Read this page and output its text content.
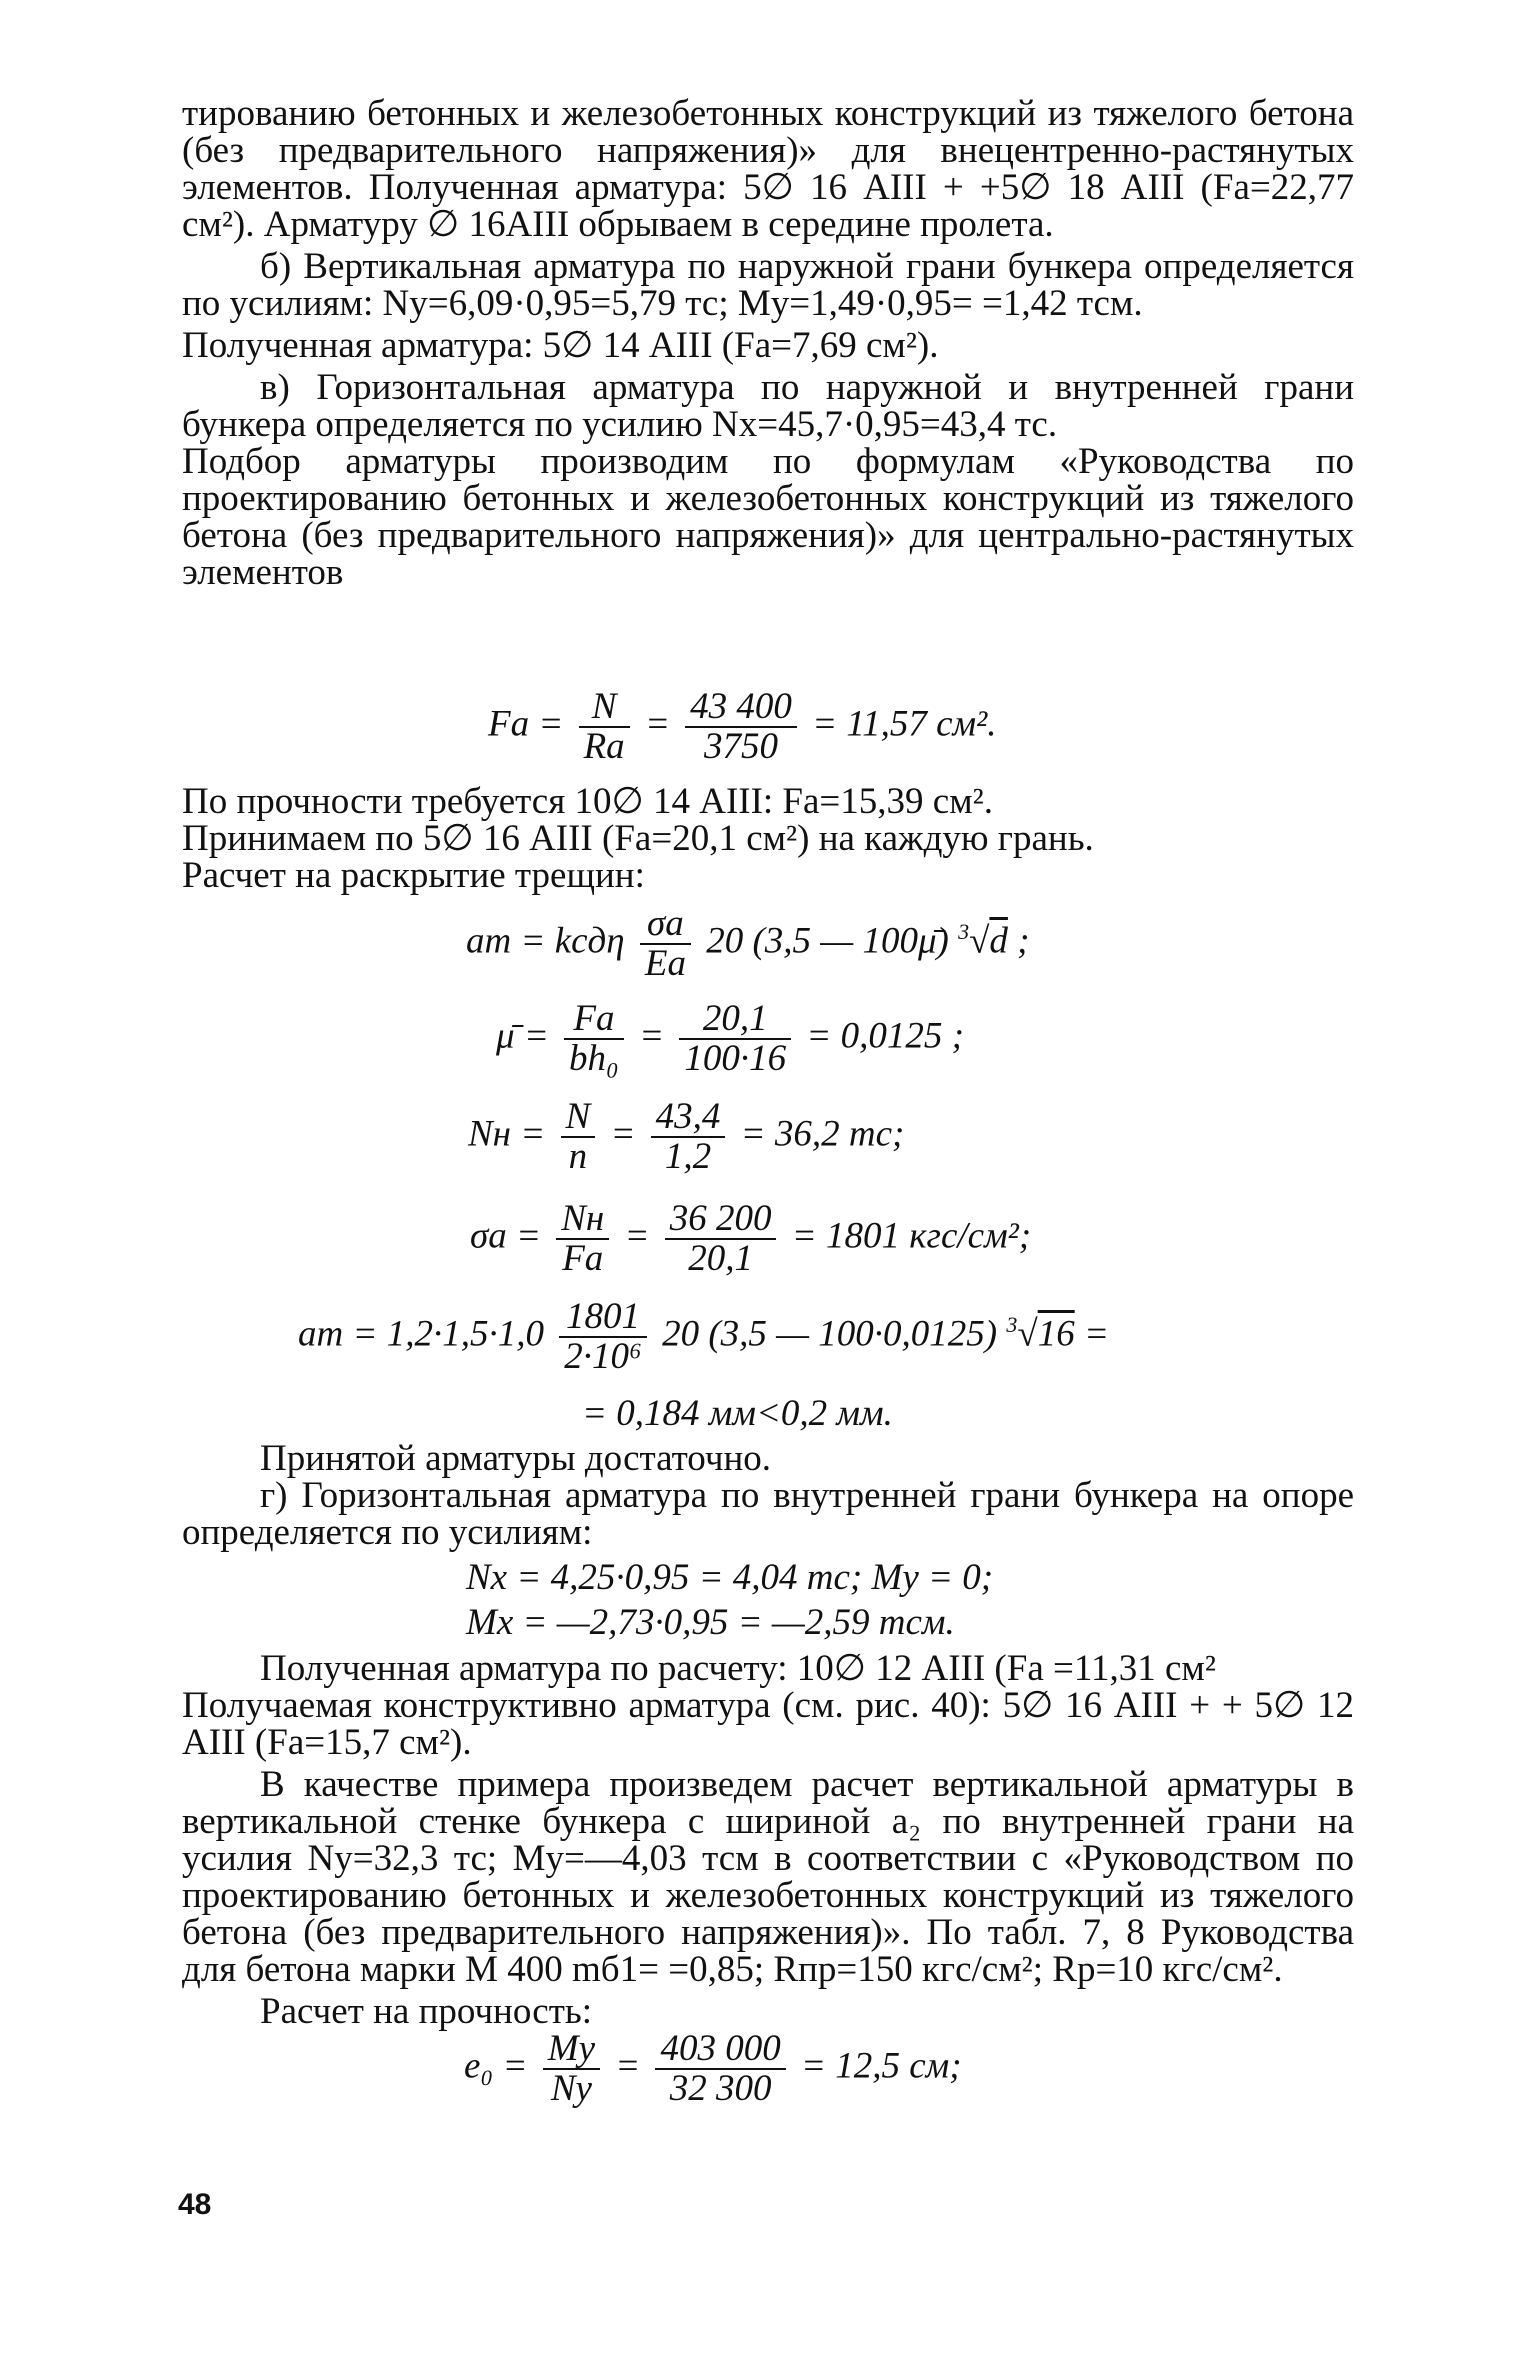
тированию бетонных и железобетонных конструкций из тяжелого бетона (без предварительного напряжения)» для внецентренно-растянутых элементов. Полученная арматура: 5∅ 16 АIII + +5∅ 18 АIII (Fа=22,77 см²). Арматуру ∅ 16АIII обрываем в середине пролета.

б) Вертикальная арматура по наружной грани бункера определяется по усилиям: Nу=6,09·0,95=5,79 тс; Mу=1,49·0,95= =1,42 тсм.

Полученная арматура: 5∅ 14 АIII (Fа=7,69 см²).

в) Горизонтальная арматура по наружной и внутренней грани бункера определяется по усилию Nx=45,7·0,95=43,4 тс.

Подбор арматуры производим по формулам «Руководства по проектированию бетонных и железобетонных конструкций из тяжелого бетона (без предварительного напряжения)» для центрально-растянутых элементов

Fа = $\frac{N}{Rа} = \frac{43 400}{3750} = 11,57$ см².

По прочности требуется 10∅ 14 АIII: Fа=15,39 см².

Принимаем по 5∅ 16 АIII (Fа=20,1 см²) на каждую грань.

Расчет на раскрытие трещин:

aт = kcдη $\frac{\sigma а}{Eа} 20$ (3,5 — 100μ̄) $^3$√d ;
μ̄ = $\frac{Fа}{\text{bh₀}} = \frac{20,1}{100\cdot 16} = 0,0125$ ;
Nн = $\frac{N}{n} = \frac{43,4}{1,2} = 36,2$ тс;
$\sigma а = \frac{Nн}{Fа} = \frac{36 200}{20,1} = 1801$ кгс/см²;
aт = $1,2\cdot 1,5\cdot 1,0 \frac{1801}{\text{2·10⁶}} 20$ (3,5 — 100·0,0125) $^3$√16 =
= 0,184 мм<0,2 мм.

Принятой арматуры достаточно.

г) Горизонтальная арматура по внутренней грани бункера на опоре определяется по усилиям:

Nx = 4,25·0,95 = 4,04 тс; Mу = 0;
Mx = —2,73·0,95 = —2,59 тсм.

Полученная арматура по расчету: 10∅ 12 АIII (Fа =11,31 см²

Получаемая конструктивно арматура (см. рис. 40): 5∅ 16 АIII + + 5∅ 12 АIII (Fа=15,7 см²).

В качестве примера произведем расчет вертикальной арматуры в вертикальной стенке бункера с шириной a₂ по внутренней грани на усилия Nу=32,3 тс; Mу=—4,03 тсм в соответствии с «Руководством по проектированию бетонных и железобетонных конструкций из тяжелого бетона (без предварительного напряжения)». По табл. 7, 8 Руководства для бетона марки М 400 mб1= =0,85; Rпр=150 кгс/см²; Rр=10 кгс/см².

Расчет на прочность:

$e_0 = \frac{Mу}{Nу} = \frac{403 000}{32 300} = 12,5$ см;
48
